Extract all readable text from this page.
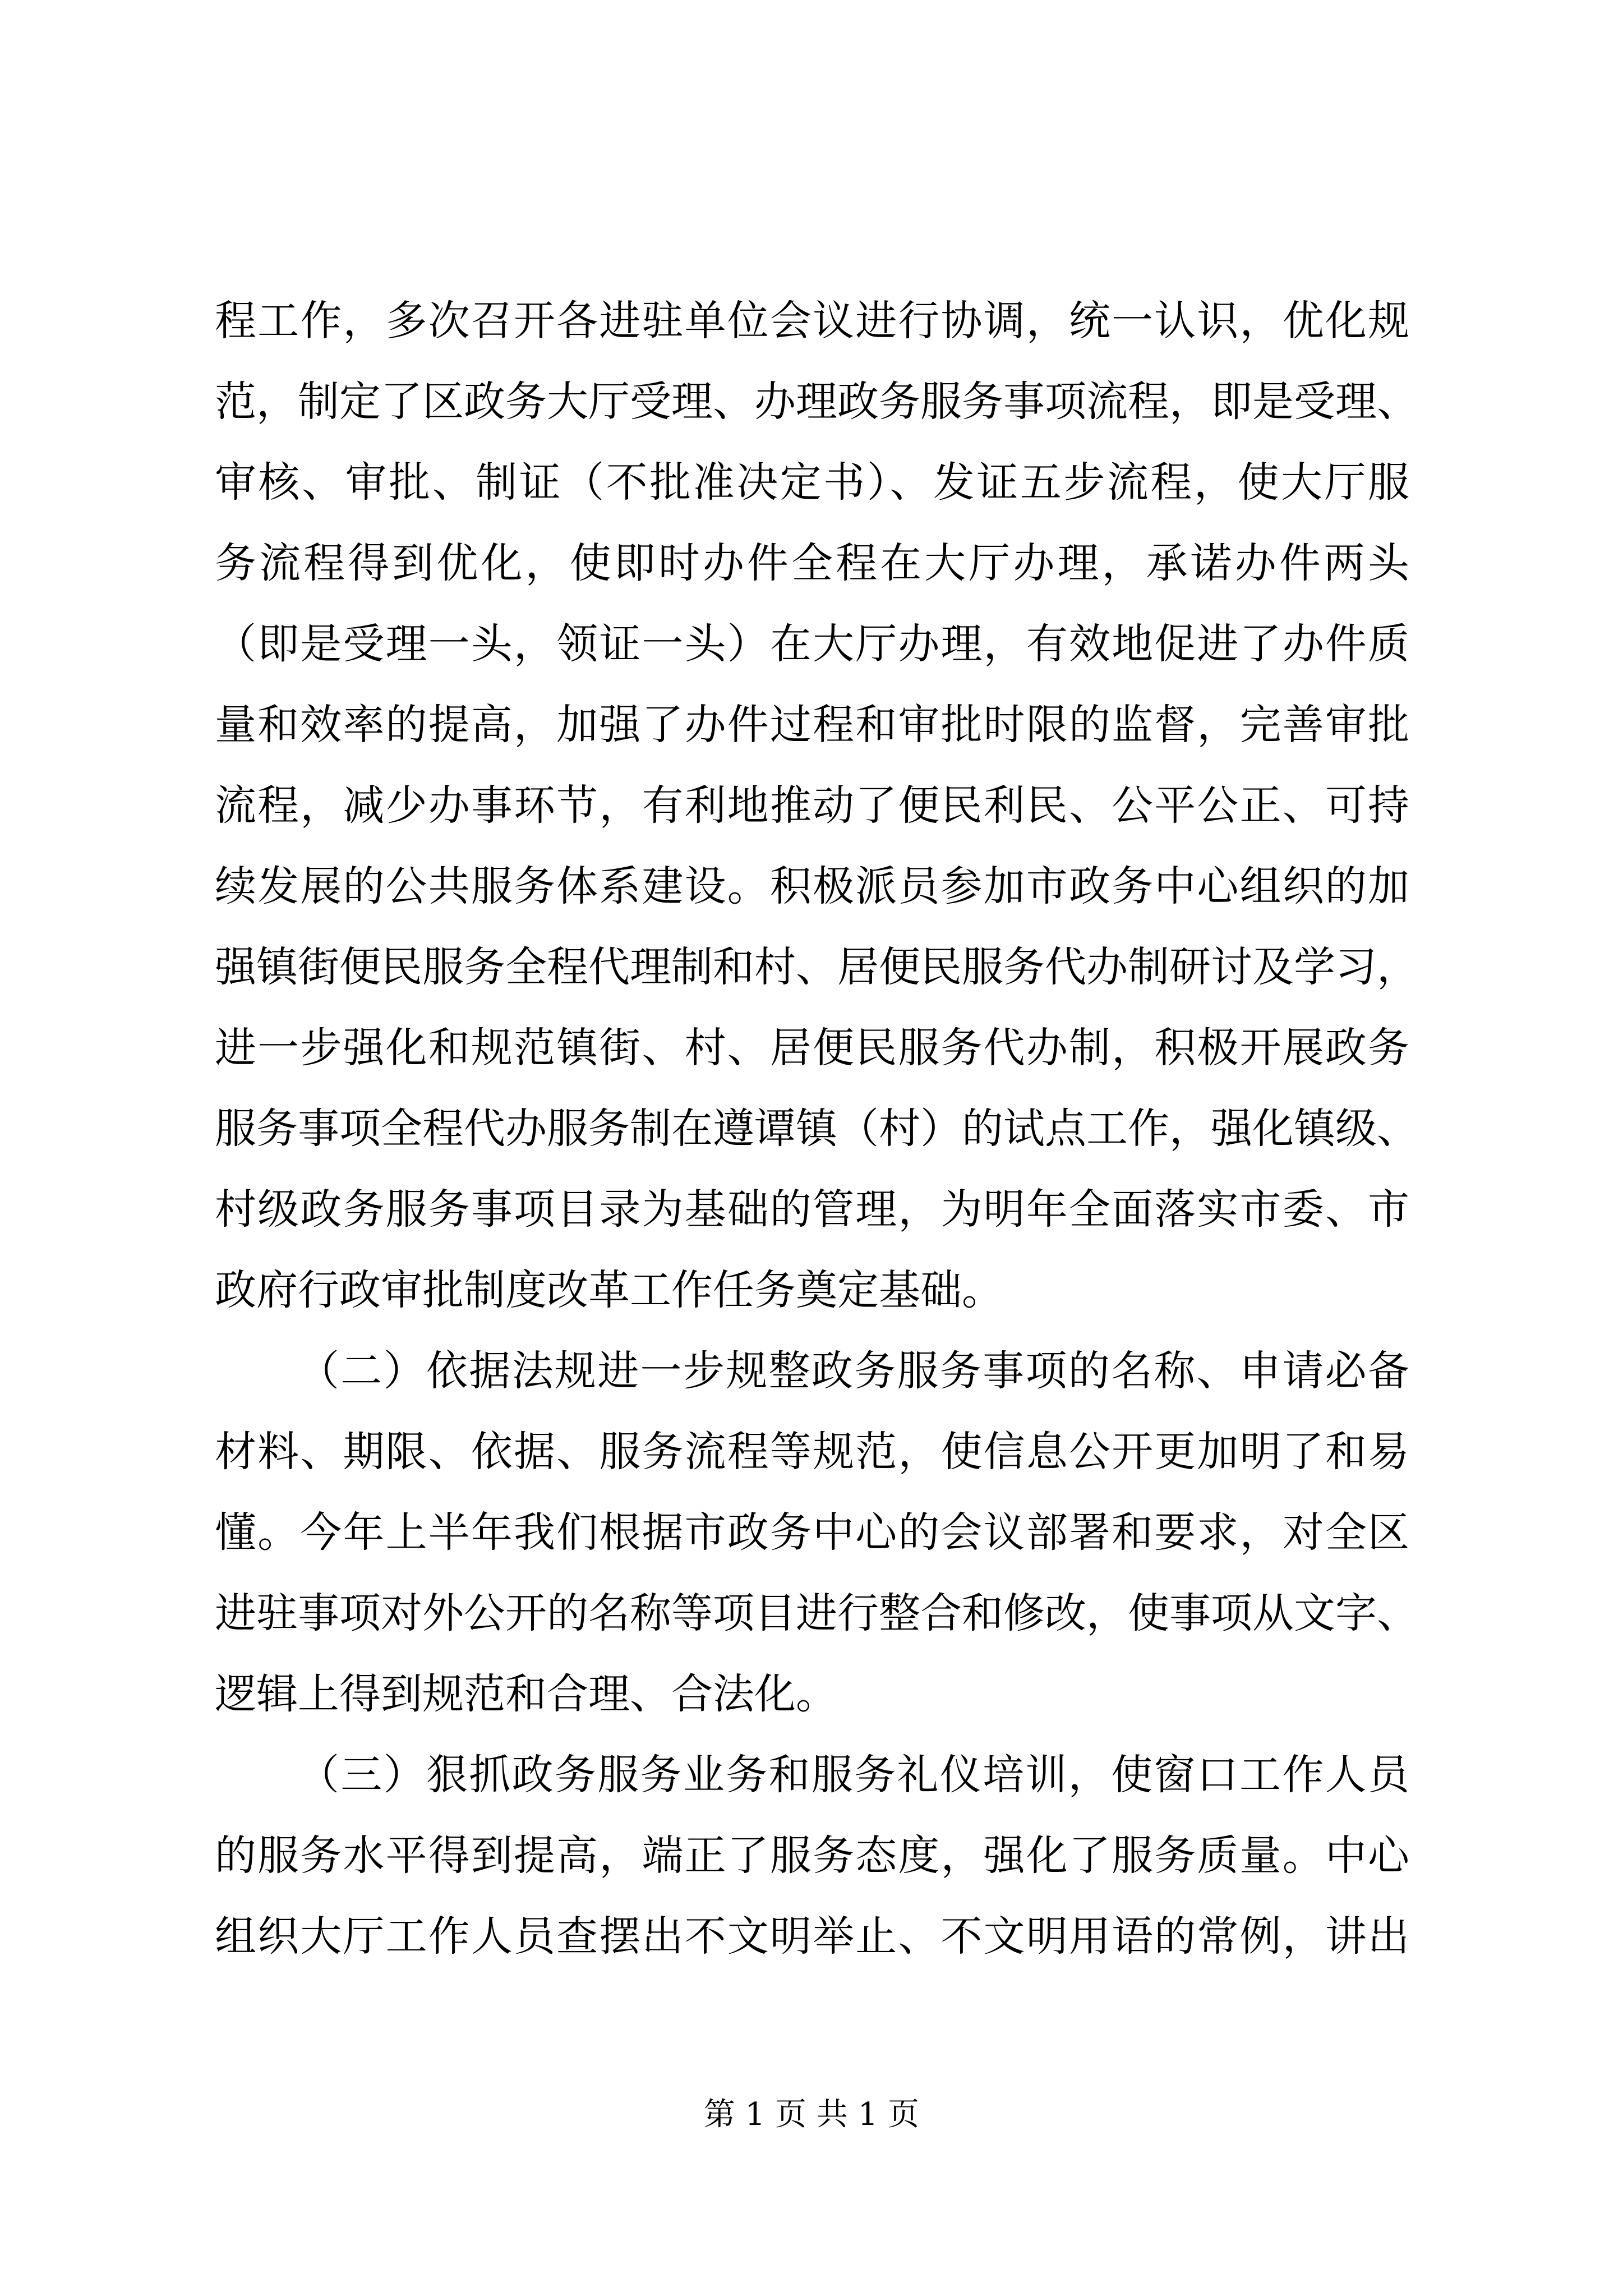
程工作，多次召开各进驻单位会议进行协调，统一认识，优化规
范，制定了区政务大厅受理、办理政务服务事项流程，即是受理、
审核、审批、制证（不批准决定书）、发证五步流程，使大厅服
务流程得到优化，使即时办件全程在大厅办理，承诺办件两头
（即是受理一头，领证一头）在大厅办理，有效地促进了办件质
量和效率的提高，加强了办件过程和审批时限的监督，完善审批
流程，减少办事环节，有利地推动了便民利民、公平公正、可持
续发展的公共服务体系建设。积极派员参加市政务中心组织的加
强镇街便民服务全程代理制和村、居便民服务代办制研讨及学习，
进一步强化和规范镇街、村、居便民服务代办制，积极开展政务
服务事项全程代办服务制在遵谭镇（村）的试点工作，强化镇级、
村级政务服务事项目录为基础的管理，为明年全面落实市委、市
政府行政审批制度改革工作任务奠定基础。
（二）依据法规进一步规整政务服务事项的名称、申请必备
材料、期限、依据、服务流程等规范，使信息公开更加明了和易
懂。今年上半年我们根据市政务中心的会议部署和要求，对全区
进驻事项对外公开的名称等项目进行整合和修改，使事项从文字、
逻辑上得到规范和合理、合法化。
（三）狠抓政务服务业务和服务礼仪培训，使窗口工作人员
的服务水平得到提高，端正了服务态度，强化了服务质量。中心
组织大厅工作人员查摆出不文明举止、不文明用语的常例，讲出
第 1 页 共 1 页
